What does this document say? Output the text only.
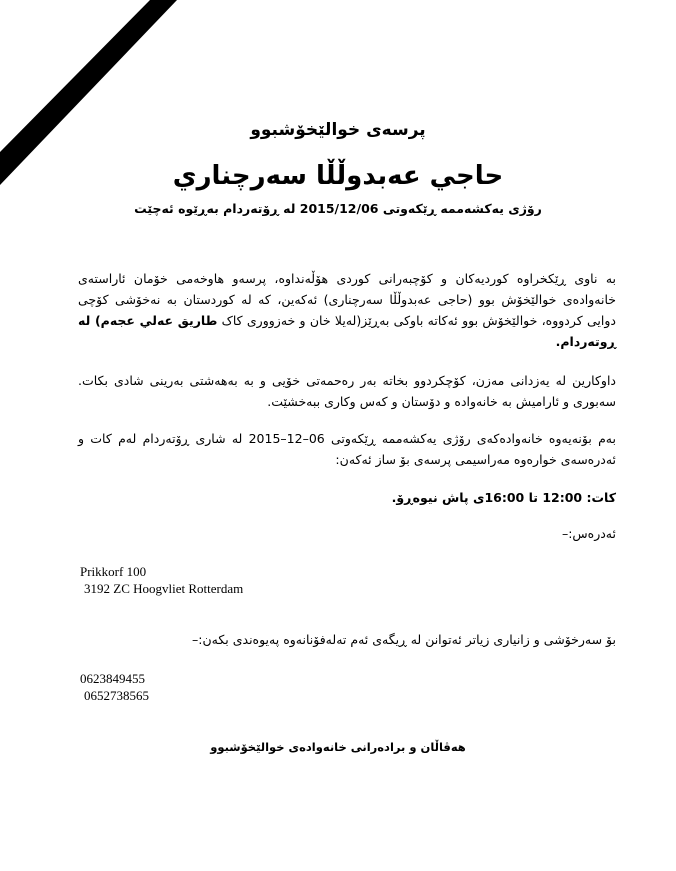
پرسەی خوالێخۆشبوو
حاجي عەبدوڵڵا سەرچناري
رۆژی یەکشەممە ڕێکەوتی 2015/12/06 لە ڕۆتەردام بەڕێوە ئەچێت
بە ناوی ڕێکخراوە کوردیەکان و کۆچبەرانی کوردی هۆڵەنداوە، پرسەو هاوخەمی خۆمان ئاراستەی خانەوادەی خوالێخۆش بوو (حاجی عەبدوڵڵا سەرچناری) ئەکەین، کە لە کوردستان بە نەخۆشی کۆچی دوایی کردووە، خوالێخۆش بوو ئەکاتە باوکی بەڕێز(لەیلا خان و خەزووری کاک طاریق عەلي عجەم) لە ڕوتەردام.
داوکارین لە یەزدانی مەزن، کۆچکردوو بخاتە بەر رەحمەتی خۆیی و بە بەهەشتی بەرینی شادی بکات. سەبوری و ئارامیش بە خانەوادە و دۆستان و کەس وکاری ببەخشێت.
بەم بۆنەیەوە خانەوادەکەی رۆژی یەکشەممە ڕێکەوتی 06–12–2015 لە شاری ڕۆتەردام لەم کات و ئەدرەسەی خوارەوە مەراسیمی پرسەی بۆ ساز ئەکەن:
کات: 12:00 تا 16:00ی پاش نیوەڕۆ.
ئەدرەس:–
Prikkorf 100
3192 ZC Hoogvliet Rotterdam
بۆ سەرخۆشی و زانیاری زیاتر ئەتوانن لە ڕیگەی ئەم تەلەفۆنانەوە پەیوەندی بکەن:–
0623849455
0652738565
هەڤاڵان و برادەرانی خانەوادەی خوالێخۆشبوو
